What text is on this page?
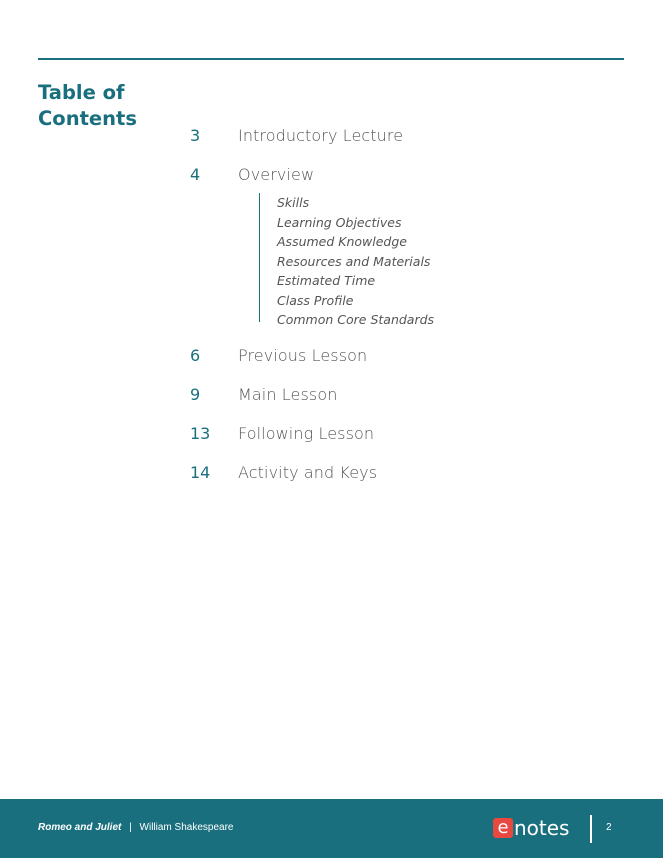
Table of Contents
3	Introductory Lecture
4	Overview
Skills
Learning Objectives
Assumed Knowledge
Resources and Materials
Estimated Time
Class Profile
Common Core Standards
6	Previous Lesson
9	Main Lesson
13	Following Lesson
14	Activity and Keys
Romeo and Juliet | William Shakespeare	e notes	2
